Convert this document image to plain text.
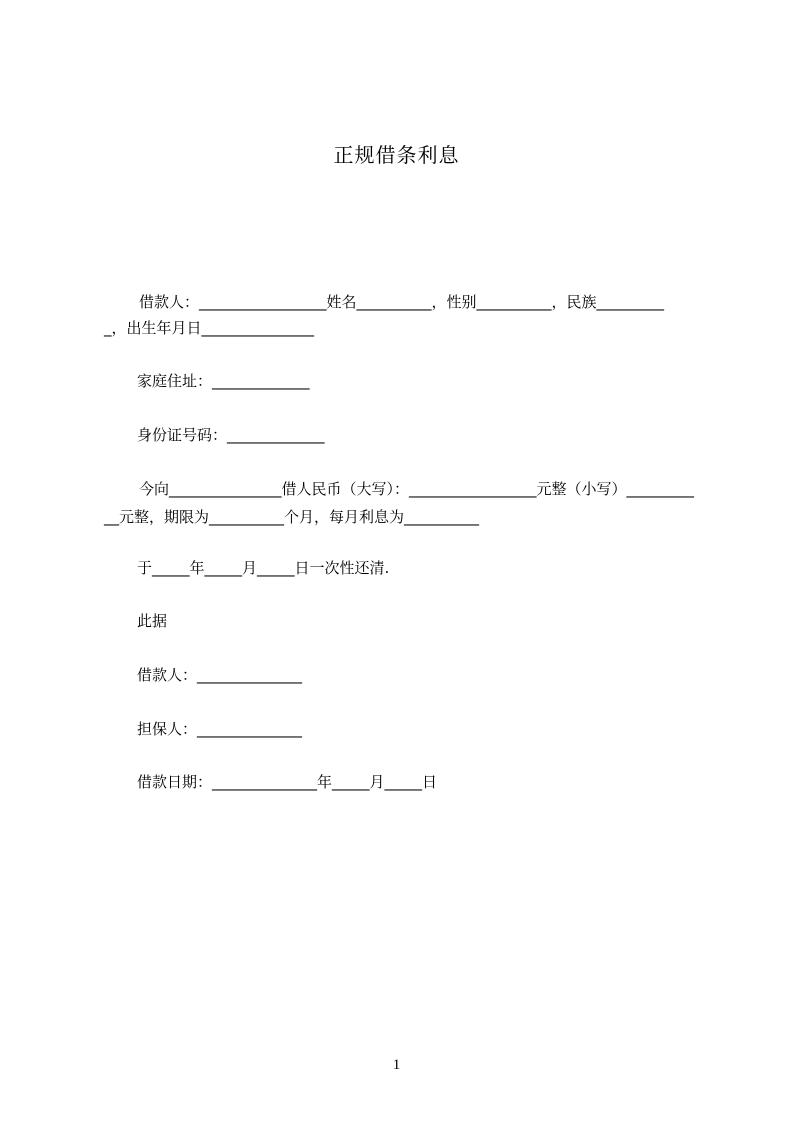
正规借条利息
借款人：_________________姓名__________，性别__________，民族_________
_，出生年月日_______________
家庭住址：_____________
身份证号码：_____________
今向_______________借人民币（大写）：_________________元整（小写）_________
__元整，期限为__________个月，每月利息为__________
于_____年_____月_____日一次性还清.
此据
借款人：______________
担保人：______________
借款日期：______________年_____月_____日
1
